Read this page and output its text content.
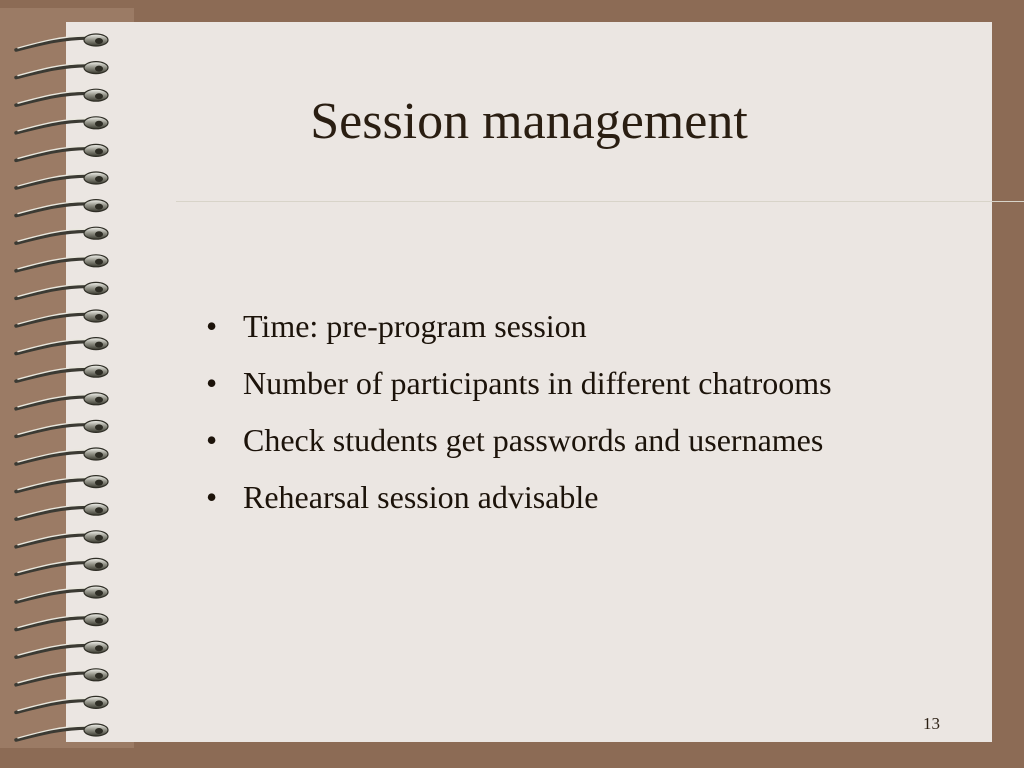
Session management
• Time: pre-program session
• Number of participants in different chatrooms
• Check students get passwords and usernames
• Rehearsal session advisable
13
